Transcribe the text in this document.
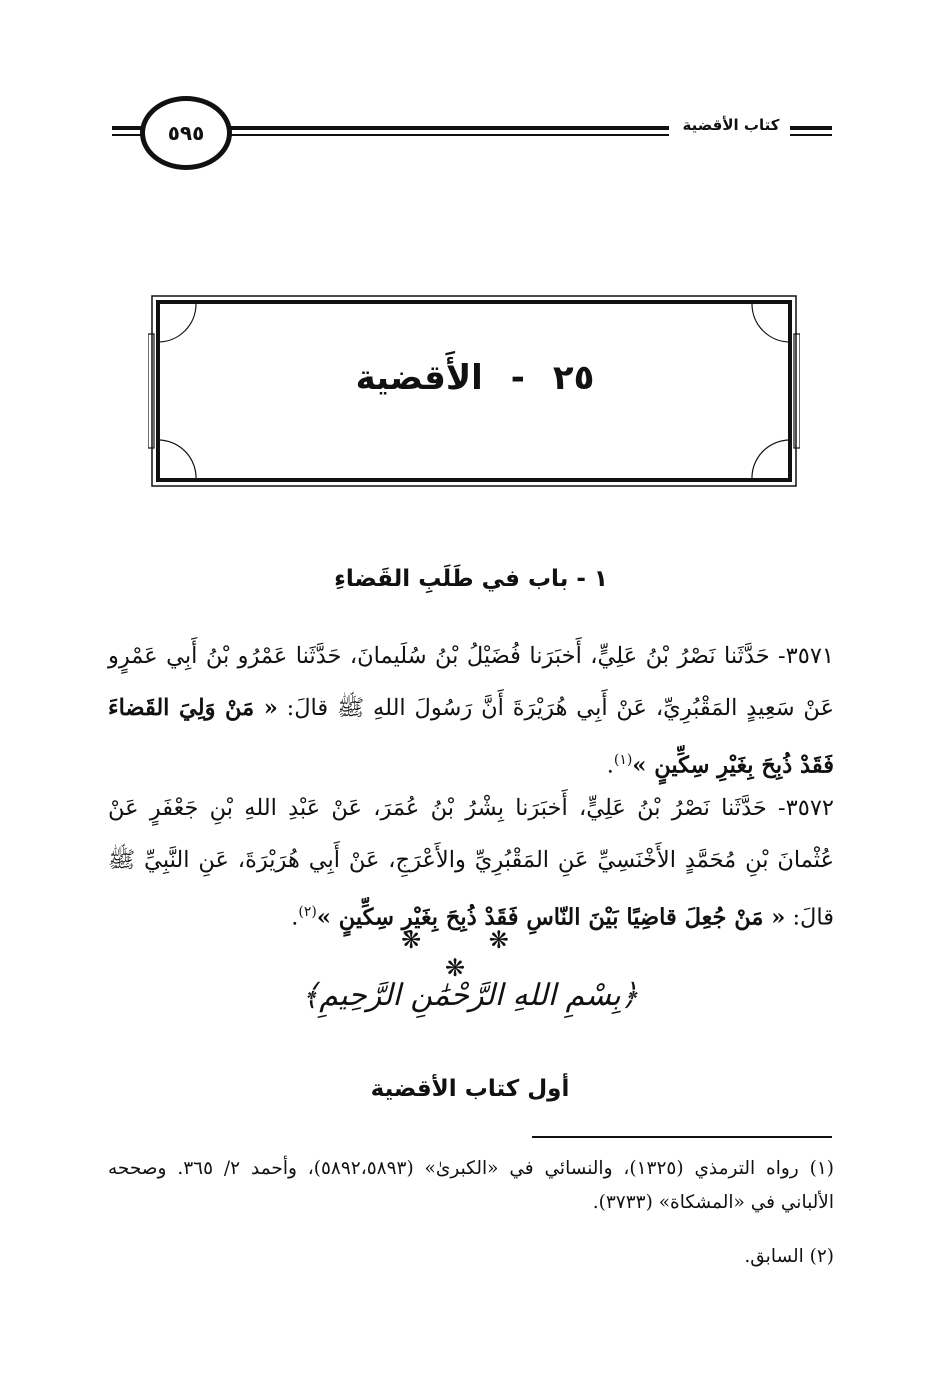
كتاب الأقضية
٥٩٥
٢٥-الأَقضية
١ - باب في طَلَبِ القَضاءِ
٣٥٧١- حَدَّثَنا نَصْرُ بْنُ عَلِيٍّ، أَخبَرَنا فُضَيْلُ بْنُ سُلَيمانَ، حَدَّثَنا عَمْرُو بْنُ أَبِي عَمْرٍو عَنْ سَعِيدٍ المَقْبُرِيِّ، عَنْ أَبِي هُرَيْرَةَ أَنَّ رَسُولَ اللهِ ﷺ قالَ: « مَنْ وَلِيَ القَضاءَ فَقَدْ ذُبِحَ بِغَيْرِ سِكِّينٍ »$^{(١)}$.
٣٥٧٢- حَدَّثَنا نَصْرُ بْنُ عَلِيٍّ، أَخبَرَنا بِشْرُ بْنُ عُمَرَ، عَنْ عَبْدِ اللهِ بْنِ جَعْفَرٍ عَنْ عُثْمانَ بْنِ مُحَمَّدٍ الأَخْنَسِيِّ عَنِ المَقْبُرِيِّ والأَعْرَجِ، عَنْ أَبِي هُرَيْرَةَ، عَنِ النَّبِيِّ ﷺ قالَ: « مَنْ جُعِلَ قاضِيًا بَيْنَ النّاسِ فَقَدْ ذُبِحَ بِغَيْرِ سِكِّينٍ »$^{(٢)}$.
❋ ❋ ❋
﴿بِسْمِ اللهِ الرَّحْمَٰنِ الرَّحِيمِ﴾
أول كتاب الأقضية
(١) رواه الترمذي (١٣٢٥)، والنسائي في «الكبرىٰ» (٥٨٩٢،٥٨٩٣)، وأحمد ٢/ ٣٦٥. وصححه الألباني في «المشكاة» (٣٧٣٣).
(٢) السابق.
